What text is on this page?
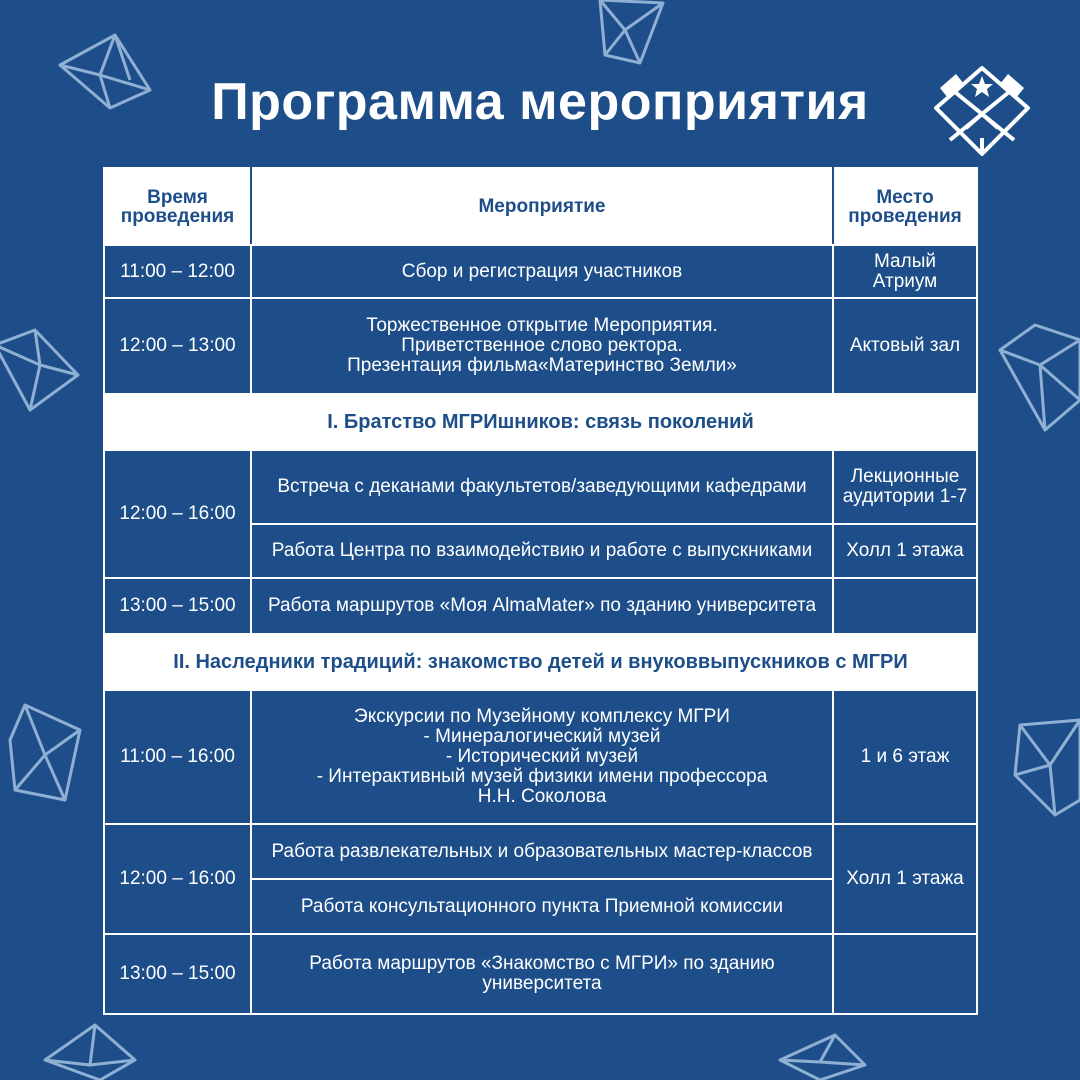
Программа мероприятия
Время
проведения	Мероприятие	Место
проведения

11:00 – 12:00	Сбор и регистрация участников	Малый Атриум
12:00 – 13:00	Торжественное открытие Мероприятия.
Приветственное слово ректора.
Презентация фильма«Материнство Земли»	Актовый зал
I. Братство МГРИшников: связь поколений		
12:00 – 16:00	Встреча с деканами факультетов/заведующими кафедрами	Лекционные
аудитории 1-7

	Работа Центра по взаимодействию и работе с выпускниками	Холл 1 этажа
13:00 – 15:00	Работа маршрутов «Моя AlmaMater» по зданию университета	
II. Наследники традиций: знакомство детей и внуковвыпускников с МГРИ		
11:00 – 16:00	Экскурсии по Музейному комплексу МГРИ
- Минералогический музей
- Исторический музей
- Интерактивный музей физики имени профессора
Н.Н. Соколова	1 и 6 этаж
12:00 – 16:00	Работа развлекательных и образовательных мастер-классов	Холл 1 этажа
	Работа консультационного пункта Приемной комиссии	
13:00 – 15:00	Работа маршрутов «Знакомство с МГРИ» по зданию университета	
